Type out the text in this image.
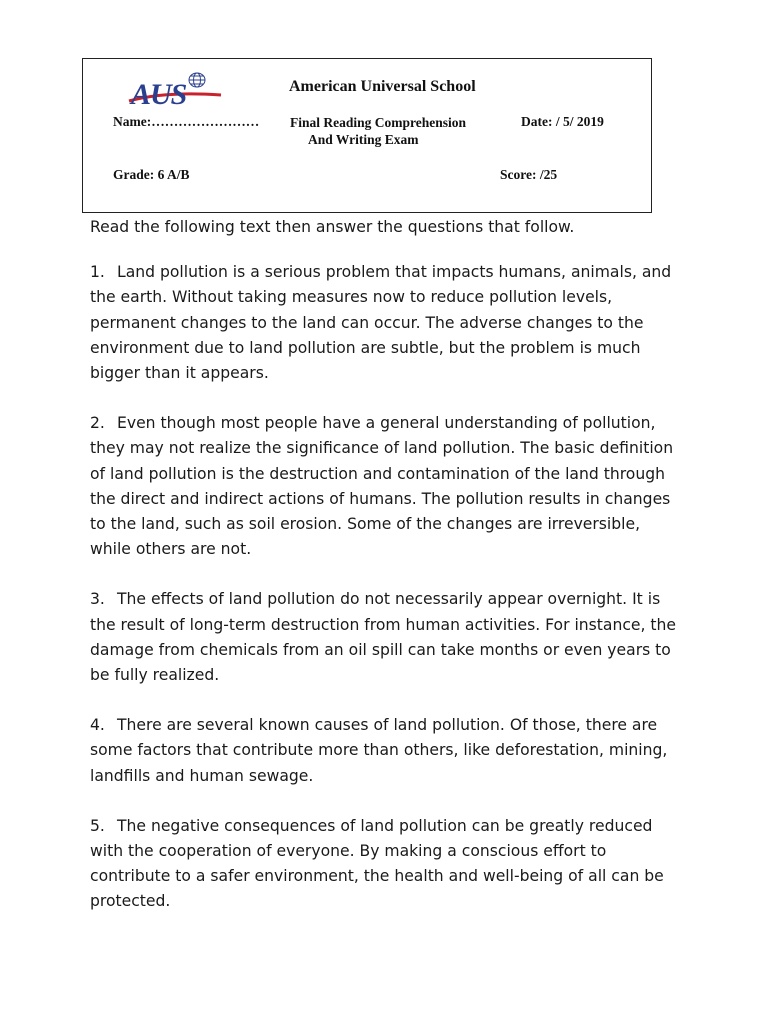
AUS	American Universal School
Name:…………………… Final Reading Comprehension
And Writing Exam
Date: / 5/ 2019
Grade: 6 A/B	Score: /25

Read the following text then answer the questions that follow.

1. Land pollution is a serious problem that impacts humans, animals, and the earth. Without taking measures now to reduce pollution levels, permanent changes to the land can occur. The adverse changes to the environment due to land pollution are subtle, but the problem is much bigger than it appears.

2. Even though most people have a general understanding of pollution, they may not realize the significance of land pollution. The basic definition of land pollution is the destruction and contamination of the land through the direct and indirect actions of humans. The pollution results in changes to the land, such as soil erosion. Some of the changes are irreversible, while others are not.

3. The effects of land pollution do not necessarily appear overnight. It is the result of long-term destruction from human activities. For instance, the damage from chemicals from an oil spill can take months or even years to be fully realized.

4. There are several known causes of land pollution. Of those, there are some factors that contribute more than others, like deforestation, mining, landfills and human sewage.

5. The negative consequences of land pollution can be greatly reduced with the cooperation of everyone. By making a conscious effort to contribute to a safer environment, the health and well-being of all can be protected.
